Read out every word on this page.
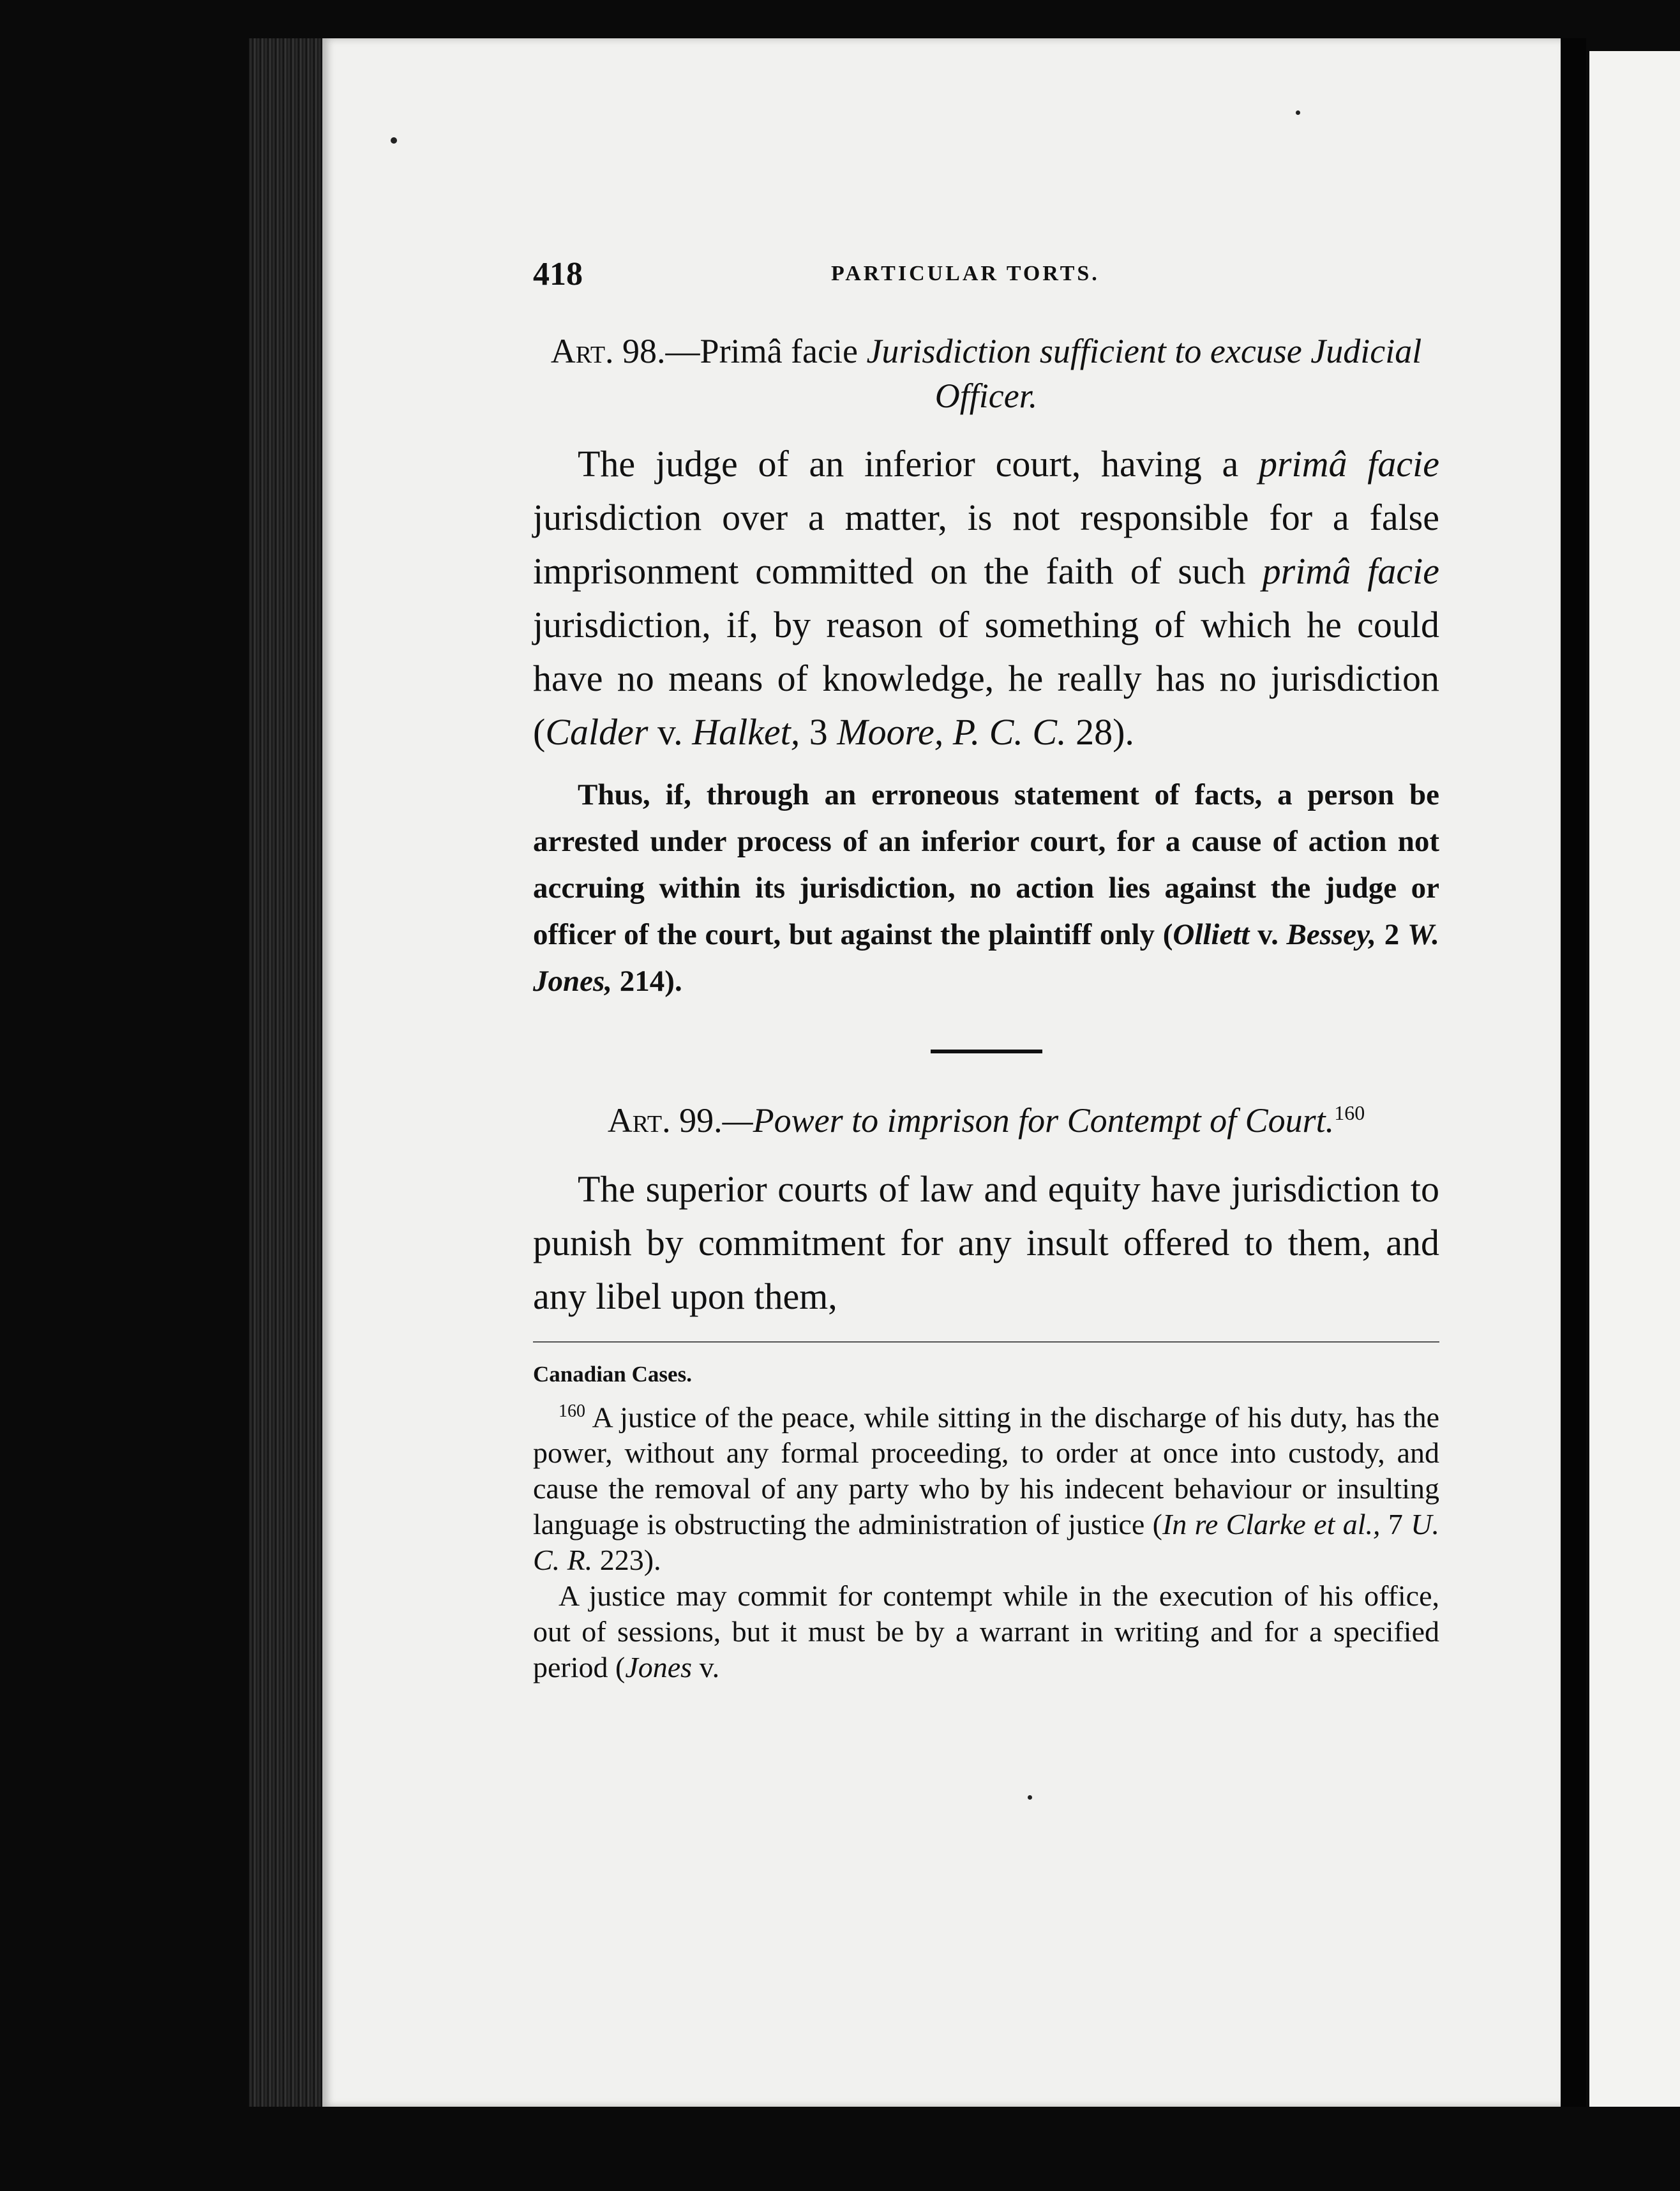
418	PARTICULAR TORTS.
Art. 98.—Primâ facie Jurisdiction sufficient to excuse Judicial Officer.

The judge of an inferior court, having a primâ facie jurisdiction over a matter, is not responsible for a false imprisonment committed on the faith of such primâ facie jurisdiction, if, by reason of something of which he could have no means of knowledge, he really has no jurisdiction (Calder v. Halket, 3 Moore, P. C. C. 28).

Thus, if, through an erroneous statement of facts, a person be arrested under process of an inferior court, for a cause of action not accruing within its jurisdiction, no action lies against the judge or officer of the court, but against the plaintiff only (Olliett v. Bessey, 2 W. Jones, 214).

Art. 99.—Power to imprison for Contempt of Court.$^{160}$

The superior courts of law and equity have jurisdiction to punish by commitment for any insult offered to them, and any libel upon them,

Canadian Cases.

$^{160}$ A justice of the peace, while sitting in the discharge of his duty, has the power, without any formal proceeding, to order at once into custody, and cause the removal of any party who by his indecent behaviour or insulting language is obstructing the administration of justice (In re Clarke et al., 7 U. C. R. 223).

A justice may commit for contempt while in the execution of his office, out of sessions, but it must be by a warrant in writing and for a specified period (Jones v.
